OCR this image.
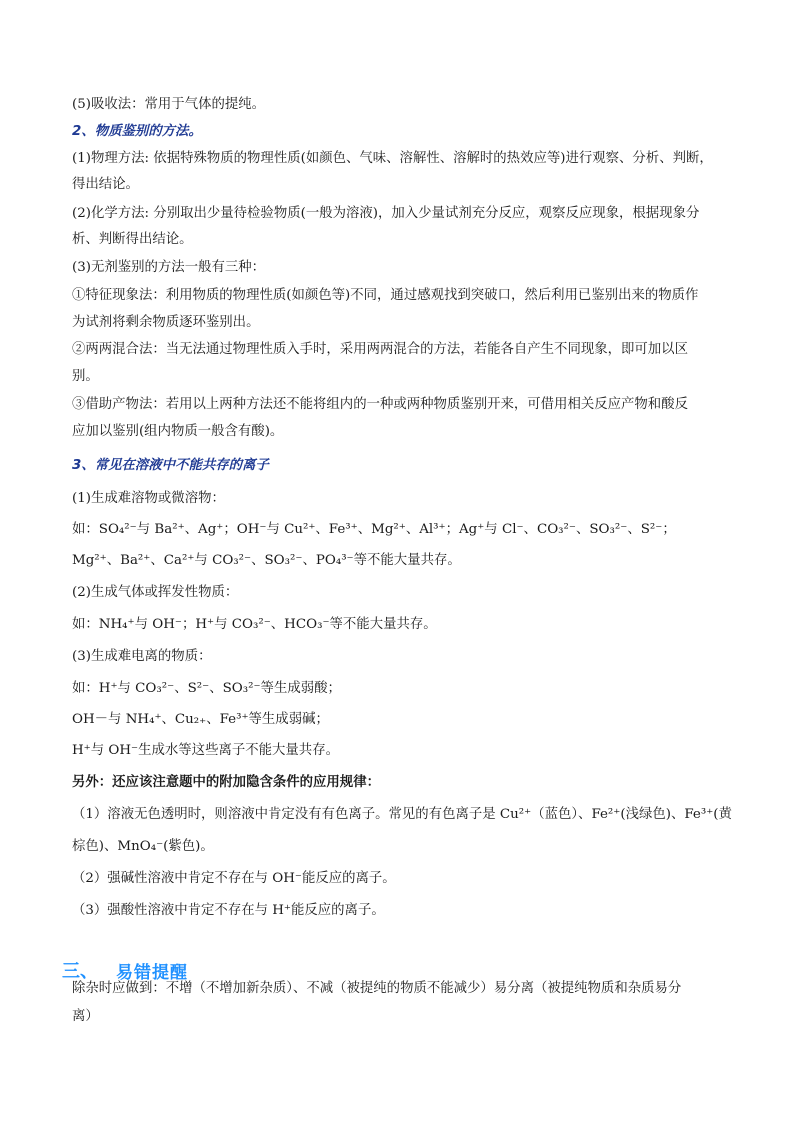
(5)吸收法：常用于气体的提纯。
2、物质鉴别的方法。
(1)物理方法: 依据特殊物质的物理性质(如颜色、气味、溶解性、溶解时的热效应等)进行观察、分析、判断，
得出结论。
(2)化学方法: 分别取出少量待检验物质(一般为溶液)，加入少量试剂充分反应，观察反应现象，根据现象分
析、判断得出结论。
(3)无剂鉴别的方法一般有三种：
①特征现象法：利用物质的物理性质(如颜色等)不同，通过感观找到突破口，然后利用已鉴别出来的物质作
为试剂将剩余物质逐环鉴别出。
②两两混合法：当无法通过物理性质入手时，采用两两混合的方法，若能各自产生不同现象，即可加以区
别。
③借助产物法：若用以上两种方法还不能将组内的一种或两种物质鉴别开来，可借用相关反应产物和酸反
应加以鉴别(组内物质一般含有酸)。
3、常见在溶液中不能共存的离子
(1)生成难溶物或微溶物：
如：SO₄²⁻与 Ba²⁺、Ag⁺；OH⁻与 Cu²⁺、Fe³⁺、Mg²⁺、Al³⁺；Ag⁺与 Cl⁻、CO₃²⁻、SO₃²⁻、S²⁻；
Mg²⁺、Ba²⁺、Ca²⁺与 CO₃²⁻、SO₃²⁻、PO₄³⁻等不能大量共存。
(2)生成气体或挥发性物质：
如：NH₄⁺与 OH⁻；H⁺与 CO₃²⁻、HCO₃⁻等不能大量共存。
(3)生成难电离的物质：
如：H⁺与 CO₃²⁻、S²⁻、SO₃²⁻等生成弱酸；
OH－与 NH₄⁺、Cu₂₊、Fe³⁺等生成弱碱；
H⁺与 OH⁻生成水等这些离子不能大量共存。
另外：还应该注意题中的附加隐含条件的应用规律：
（1）溶液无色透明时，则溶液中肯定没有有色离子。常见的有色离子是 Cu²⁺（蓝色）、Fe²⁺(浅绿色)、Fe³⁺(黄
棕色)、MnO₄⁻(紫色)。
（2）强碱性溶液中肯定不存在与 OH⁻能反应的离子。
（3）强酸性溶液中肯定不存在与 H⁺能反应的离子。
三、 易错提醒
除杂时应做到：不增（不增加新杂质）、不减（被提纯的物质不能减少）易分离（被提纯物质和杂质易分
离）
